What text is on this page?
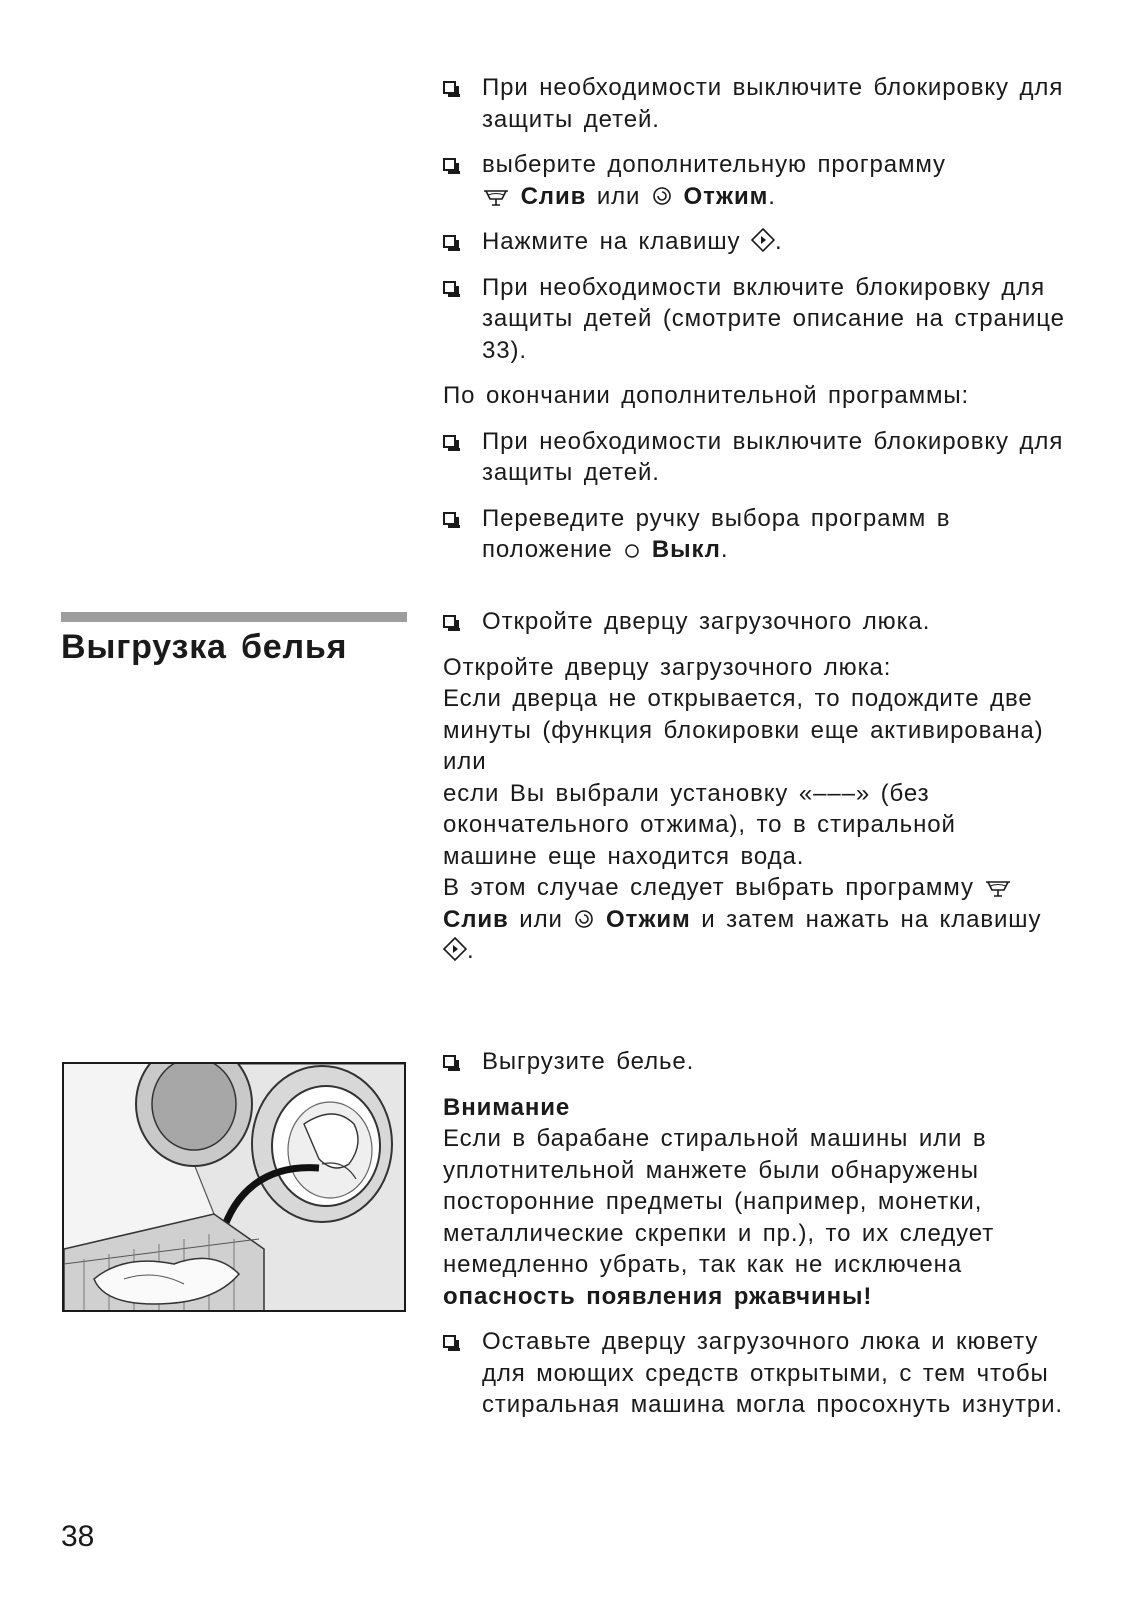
При необходимости выключите блокировку для защиты детей.
выберите дополнительную программу
Слив или Отжим.
Нажмите на клавишу .
При необходимости включите блокировку для защиты детей (смотрите описание на странице 33).
По окончании дополнительной программы:
При необходимости выключите блокировку для защиты детей.
Переведите ручку выбора программ в положение Выкл.
Выгрузка белья
Откройте дверцу загрузочного люка.
Откройте дверцу загрузочного люка:
Если дверца не открывается, то подождите две минуты (функция блокировки еще активирована)
или
если Вы выбрали установку «–––» (без окончательного отжима), то в стиральной машине еще находится вода.
В этом случае следует выбрать программу  Слив или Отжим и затем нажать на клавишу .
Выгрузите белье.
Внимание
Если в барабане стиральной машины или в уплотнительной манжете были обнаружены посторонние предметы (например, монетки, металлические скрепки и пр.), то их следует немедленно убрать, так как не исключена
опасность появления ржавчины!
Оставьте дверцу загрузочного люка и кювету для моющих средств открытыми, с тем чтобы стиральная машина могла просохнуть изнутри.
38
